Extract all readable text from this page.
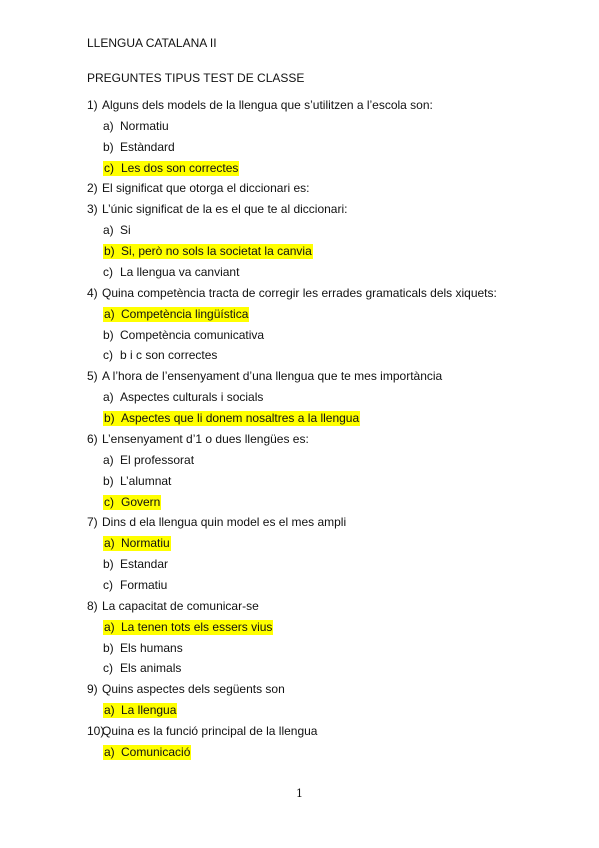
LLENGUA CATALANA II
PREGUNTES TIPUS TEST DE CLASSE
1) Alguns dels models de la llengua que s’utilitzen a l’escola son:
a) Normatiu
b) Estàndard
c) Les dos son correctes
2) El significat que otorga el diccionari es:
3) L’únic significat de la es el que te al diccionari:
a) Si
b) Si, però no sols la societat la canvia
c) La llengua va canviant
4) Quina competència tracta de corregir les errades gramaticals dels xiquets:
a) Competència lingüística
b) Competència comunicativa
c) b i c son correctes
5) A l’hora de l’ensenyament d’una llengua que te mes importància
a) Aspectes culturals i socials
b) Aspectes que li donem nosaltres a la llengua
6) L’ensenyament d’1 o dues llengües es:
a) El professorat
b) L’alumnat
c) Govern
7) Dins d ela llengua quin model es el mes ampli
a) Normatiu
b) Estandar
c) Formatiu
8) La capacitat de comunicar-se
a) La tenen tots els essers vius
b) Els humans
c) Els animals
9) Quins aspectes dels següents son
a) La llengua
10)Quina es la funció principal de la llengua
a) Comunicació
1
